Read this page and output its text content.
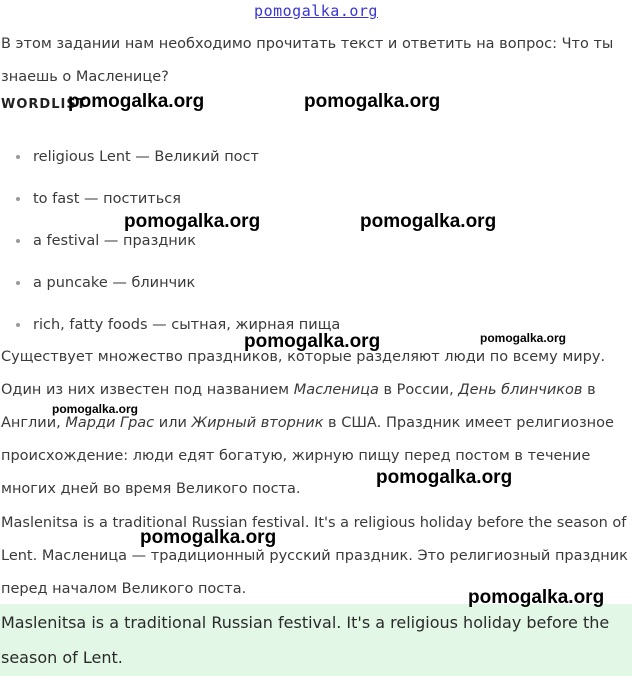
pomogalka.org

В этом задании нам необходимо прочитать текст и ответить на вопрос: Что ты знаешь о Масленице?

WORDLIST
religious Lent — Великий пост
to fast — поститься
a festival — праздник
a puncake — блинчик
rich, fatty foods — сытная, жирная пища

Существует множество праздников, которые разделяют люди по всему миру. Один из них известен под названием Масленица в России, День блинчиков в Англии, Марди Грас или Жирный вторник в США. Праздник имеет религиозное происхождение: люди едят богатую, жирную пищу перед постом в течение многих дней во время Великого поста.

Maslenitsa is a traditional Russian festival. It's a religious holiday before the season of Lent. Масленица — традиционный русский праздник. Это религиозный праздник перед началом Великого поста.

Maslenitsa is a traditional Russian festival. It's a religious holiday before the season of Lent.

pomogalka.org	pomogalka.org
pomogalka.org	pomogalka.org
pomogalka.org	pomogalka.org
pomogalka.org
pomogalka.org
pomogalka.org
pomogalka.org
